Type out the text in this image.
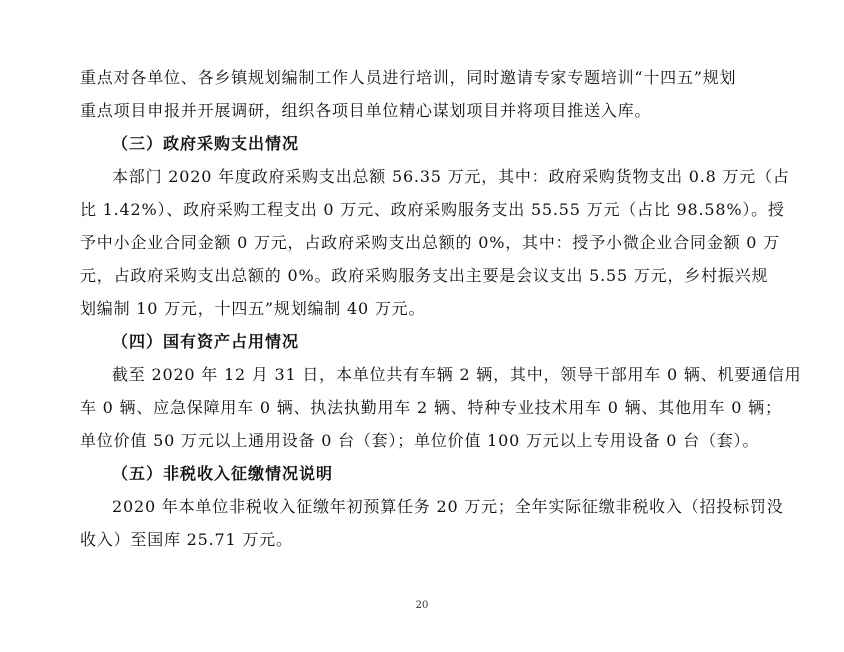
重点对各单位、各乡镇规划编制工作人员进行培训，同时邀请专家专题培训“十四五”规划
重点项目申报并开展调研，组织各项目单位精心谋划项目并将项目推送入库。
（三）政府采购支出情况
本部门 2020 年度政府采购支出总额 56.35 万元，其中：政府采购货物支出 0.8 万元（占
比 1.42%）、政府采购工程支出 0 万元、政府采购服务支出 55.55 万元（占比 98.58%）。授
予中小企业合同金额 0 万元，占政府采购支出总额的 0%，其中：授予小微企业合同金额 0 万
元，占政府采购支出总额的 0%。政府采购服务支出主要是会议支出 5.55 万元，乡村振兴规
划编制 10 万元，十四五”规划编制 40 万元。
（四）国有资产占用情况
截至 2020 年 12 月 31 日，本单位共有车辆 2 辆，其中，领导干部用车 0 辆、机要通信用
车 0 辆、应急保障用车 0 辆、执法执勤用车 2 辆、特种专业技术用车 0 辆、其他用车 0 辆；
单位价值 50 万元以上通用设备 0 台（套）；单位价值 100 万元以上专用设备 0 台（套）。
（五）非税收入征缴情况说明
2020 年本单位非税收入征缴年初预算任务 20 万元；全年实际征缴非税收入（招投标罚没
收入）至国库 25.71 万元。
20
